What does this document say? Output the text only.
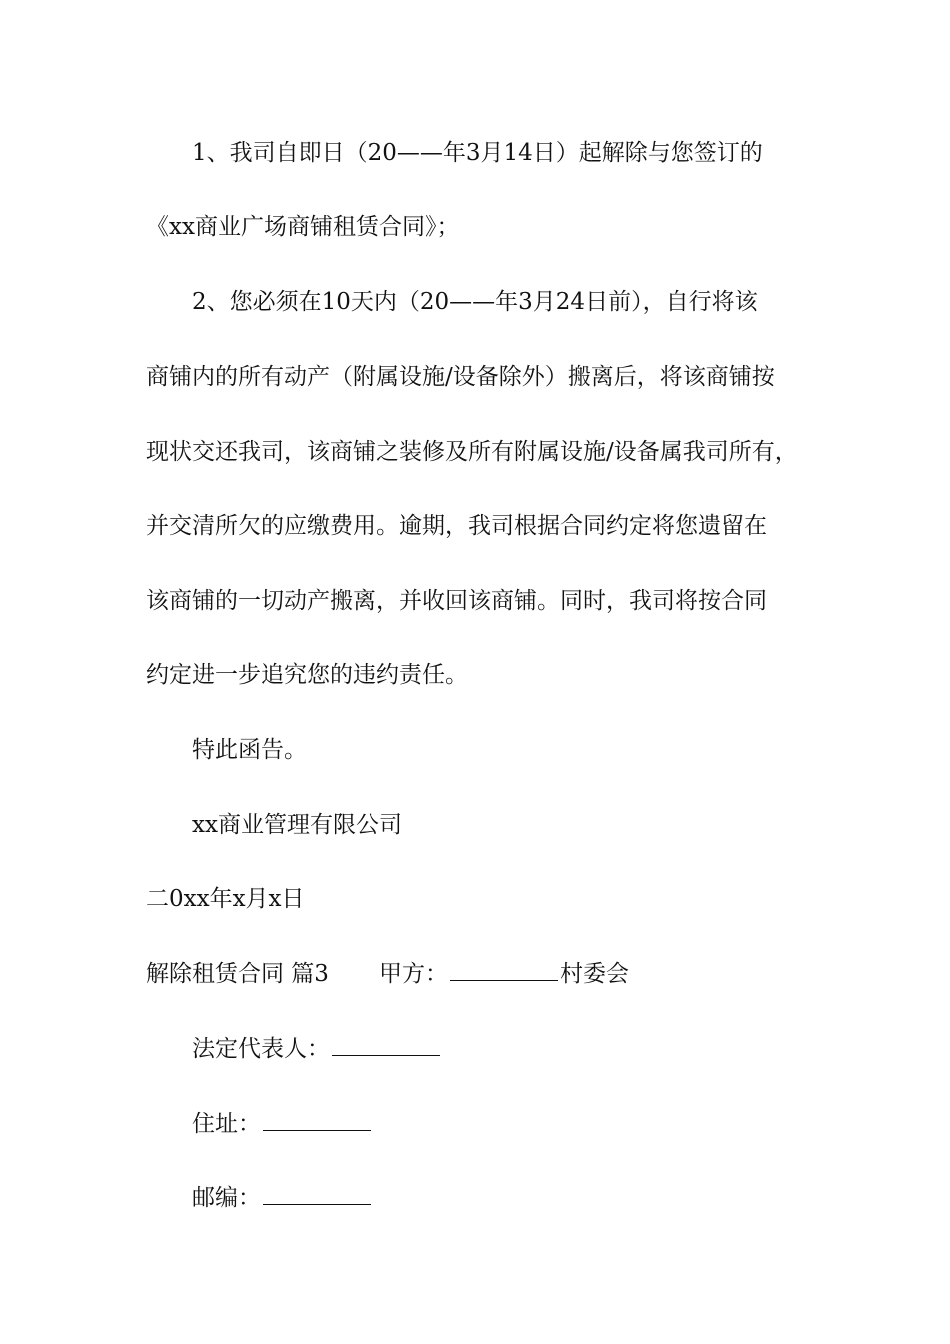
1、我司自即日（20——年3月14日）起解除与您签订的
《xx商业广场商铺租赁合同》；
2、您必须在10天内（20——年3月24日前），自行将该
商铺内的所有动产（附属设施/设备除外）搬离后，将该商铺按
现状交还我司，该商铺之装修及所有附属设施/设备属我司所有，
并交清所欠的应缴费用。逾期，我司根据合同约定将您遗留在
该商铺的一切动产搬离，并收回该商铺。同时，我司将按合同
约定进一步追究您的违约责任。
特此函告。
xx商业管理有限公司
二0xx年x月x日
解除租赁合同 篇3 甲方：	村委会
法定代表人：
住址：
邮编：
